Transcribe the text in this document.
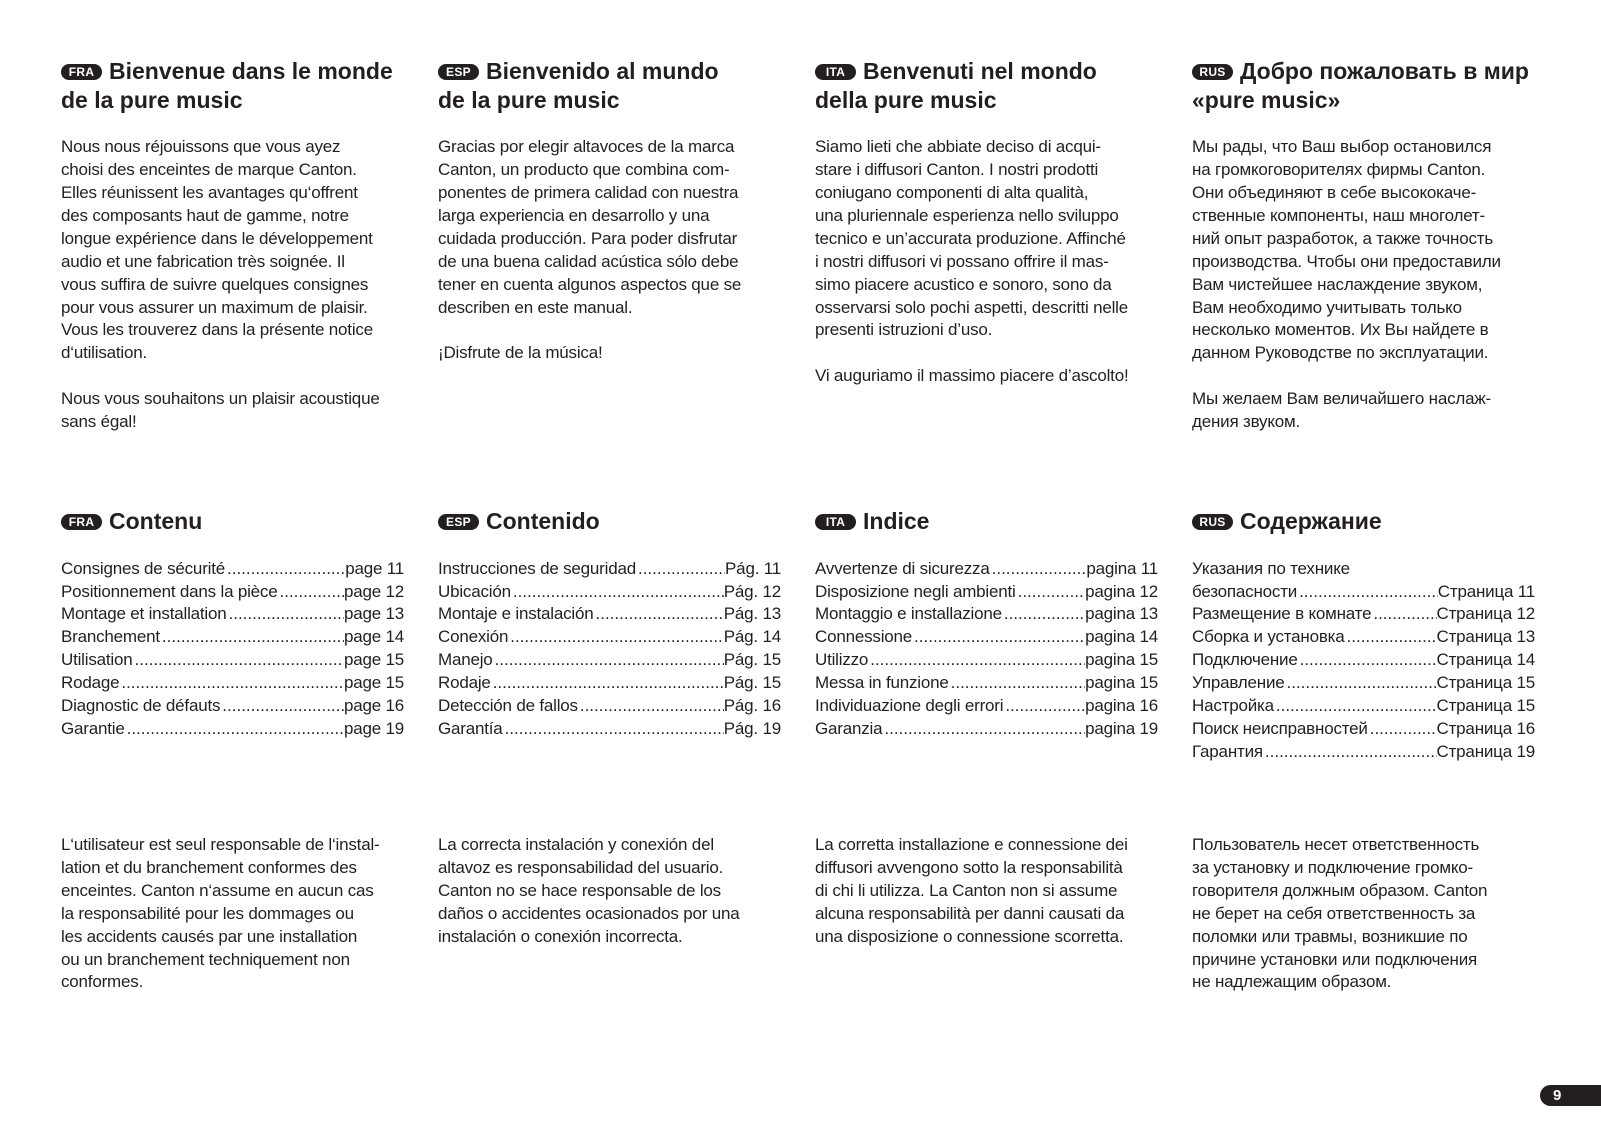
FRA Bienvenue dans le monde
de la pure music
Nous nous réjouissons que vous ayez
choisi des enceintes de marque Canton.
Elles réunissent les avantages qu‘offrent
des composants haut de gamme, notre
longue expérience dans le développement
audio et une fabrication très soignée. Il
vous suffira de suivre quelques consignes
pour vous assurer un maximum de plaisir.
Vous les trouverez dans la présente notice
d‘utilisation.
Nous vous souhaitons un plaisir acoustique
sans égal!
FRA Contenu
Consignes de sécurité .....	page 11
Positionnement dans la pièce .....	page 12
Montage et installation .....	page 13
Branchement .....	page 14
Utilisation .....	page 15
Rodage .....	page 15
Diagnostic de défauts .....	page 16
Garantie .....	page 19
L‘utilisateur est seul responsable de l‘instal-
lation et du branchement conformes des
enceintes. Canton n‘assume en aucun cas
la responsabilité pour les dommages ou
les accidents causés par une installation
ou un branchement techniquement non
conformes.
ESP Bienvenido al mundo
de la pure music
Gracias por elegir altavoces de la marca
Canton, un producto que combina com-
ponentes de primera calidad con nuestra
larga experiencia en desarrollo y una
cuidada producción. Para poder disfrutar
de una buena calidad acústica sólo debe
tener en cuenta algunos aspectos que se
describen en este manual.
¡Disfrute de la música!
ESP Contenido
Instrucciones de seguridad .....	Pág. 11
Ubicación .....	Pág. 12
Montaje e instalación .....	Pág. 13
Conexión .....	Pág. 14
Manejo .....	Pág. 15
Rodaje .....	Pág. 15
Detección de fallos .....	Pág. 16
Garantía .....	Pág. 19
La correcta instalación y conexión del
altavoz es responsabilidad del usuario.
Canton no se hace responsable de los
daños o accidentes ocasionados por una
instalación o conexión incorrecta.
ITA Benvenuti nel mondo
della pure music
Siamo lieti che abbiate deciso di acqui-
stare i diffusori Canton. I nostri prodotti
coniugano componenti di alta qualità,
una pluriennale esperienza nello sviluppo
tecnico e un’accurata produzione. Affinché
i nostri diffusori vi possano offrire il mas-
simo piacere acustico e sonoro, sono da
osservarsi solo pochi aspetti, descritti nelle
presenti istruzioni d’uso.
Vi auguriamo il massimo piacere d’ascolto!
ITA Indice
Avvertenze di sicurezza .....	pagina 11
Disposizione negli ambienti .....	pagina 12
Montaggio e installazione .....	pagina 13
Connessione .....	pagina 14
Utilizzo .....	pagina 15
Messa in funzione .....	pagina 15
Individuazione degli errori .....	pagina 16
Garanzia .....	pagina 19
La corretta installazione e connessione dei
diffusori avvengono sotto la responsabilità
di chi li utilizza. La Canton non si assume
alcuna responsabilità per danni causati da
una disposizione o connessione scorretta.
RUS Добро пожаловать в мир
«pure music»
Мы рады, что Ваш выбор остановился
на громкоговорителях фирмы Canton.
Они объединяют в себе высококаче-
ственные компоненты, наш многолет-
ний опыт разработок, а также точность
производства. Чтобы они предоставили
Вам чистейшее наслаждение звуком,
Вам необходимо учитывать только
несколько моментов. Их Вы найдете в
данном Руководстве по эксплуатации.
Мы желаем Вам величайшего наслаж-
дения звуком.
RUS Содержание
Указания по технике
безопасности .....	Страница 11
Размещение в комнате .....	Страница 12
Сборка и установка .....	Страница 13
Подключение .....	Страница 14
Управление .....	Страница 15
Настройка .....	Страница 15
Поиск неисправностей .....	Страница 16
Гарантия .....	Страница 19
Пользователь несет ответственность
за установку и подключение громко-
говорителя должным образом. Canton
не берет на себя ответственность за
поломки или травмы, возникшие по
причине установки или подключения
не надлежащим образом.
9
